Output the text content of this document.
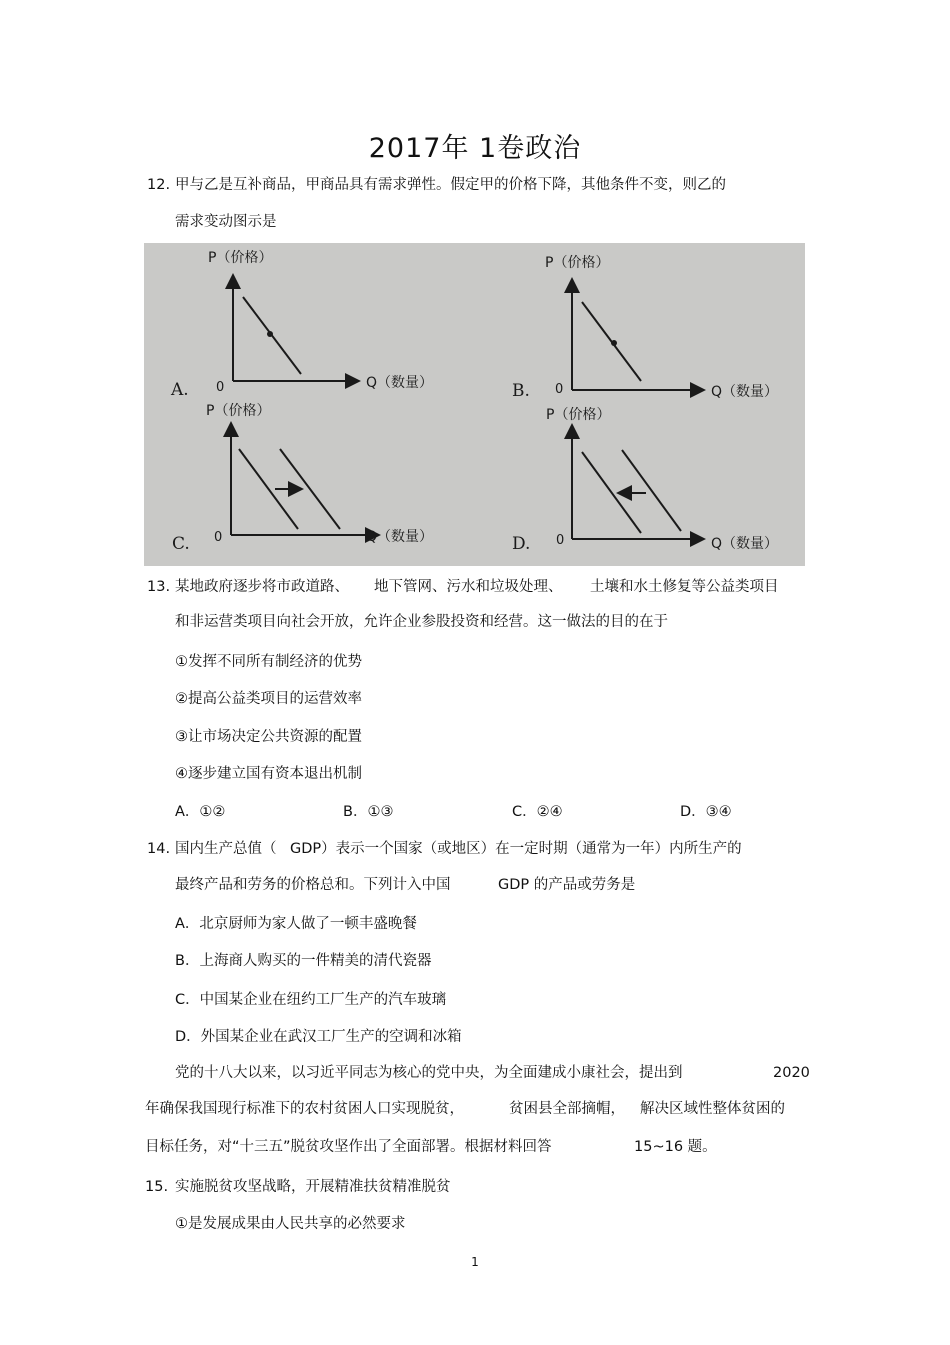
2017年 1卷政治
12. 甲与乙是互补商品，甲商品具有需求弹性。假定甲的价格下降，其他条件不变，则乙的
需求变动图示是
P（价格）
Q（数量）
0
A.
P（价格）
Q（数量）
0
B.
P（价格）
Q（数量）
0
C.
P（价格）
Q（数量）
0
D.
13. 某地政府逐步将市政道路、 地下管网、污水和垃圾处理、 土壤和水土修复等公益类项目
和非运营类项目向社会开放，允许企业参股投资和经营。这一做法的目的在于
①发挥不同所有制经济的优势
②提高公益类项目的运营效率
③让市场决定公共资源的配置
④逐步建立国有资本退出机制
A．①②	B．①③	C．②④	D．③④
14. 国内生产总值（ GDP）表示一个国家（或地区）在一定时期（通常为一年）内所生产的
最终产品和劳务的价格总和。下列计入中国	GDP 的产品或劳务是
A．北京厨师为家人做了一顿丰盛晚餐
B．上海商人购买的一件精美的清代瓷器
C．中国某企业在纽约工厂生产的汽车玻璃
D．外国某企业在武汉工厂生产的空调和冰箱
党的十八大以来，以习近平同志为核心的党中央，为全面建成小康社会，提出到	2020
年确保我国现行标准下的农村贫困人口实现脱贫，	贫困县全部摘帽， 解决区域性整体贫困的
目标任务，对“十三五”脱贫攻坚作出了全面部署。根据材料回答	15~16 题。
15. 实施脱贫攻坚战略，开展精准扶贫精准脱贫
①是发展成果由人民共享的必然要求
1
